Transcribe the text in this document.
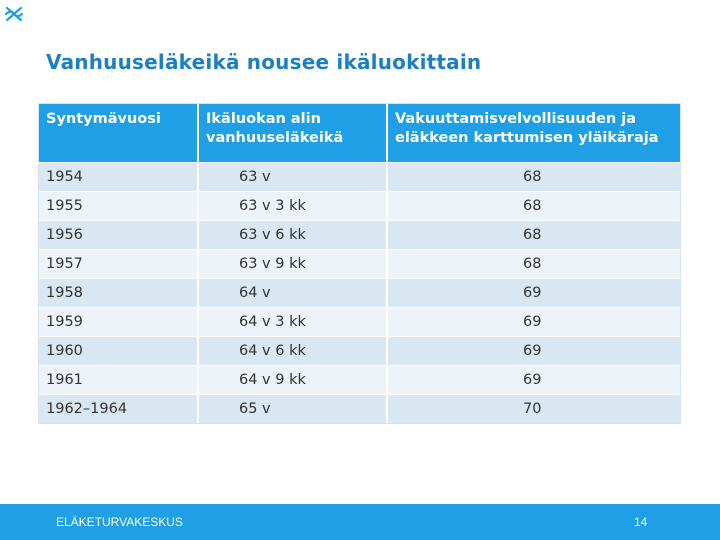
Vanhuuseläkeikä nousee ikäluokittain
Syntymävuosi	Ikäluokan alin vanhuuseläkeikä	Vakuuttamisvelvollisuuden ja eläkkeen karttumisen yläikäraja
1954	63 v	68
1955	63 v 3 kk	68
1956	63 v 6 kk	68
1957	63 v 9 kk	68
1958	64 v	69
1959	64 v 3 kk	69
1960	64 v 6 kk	69
1961	64 v 9 kk	69
1962–1964	65 v	70
ELÄKETURVAKESKUS	14
